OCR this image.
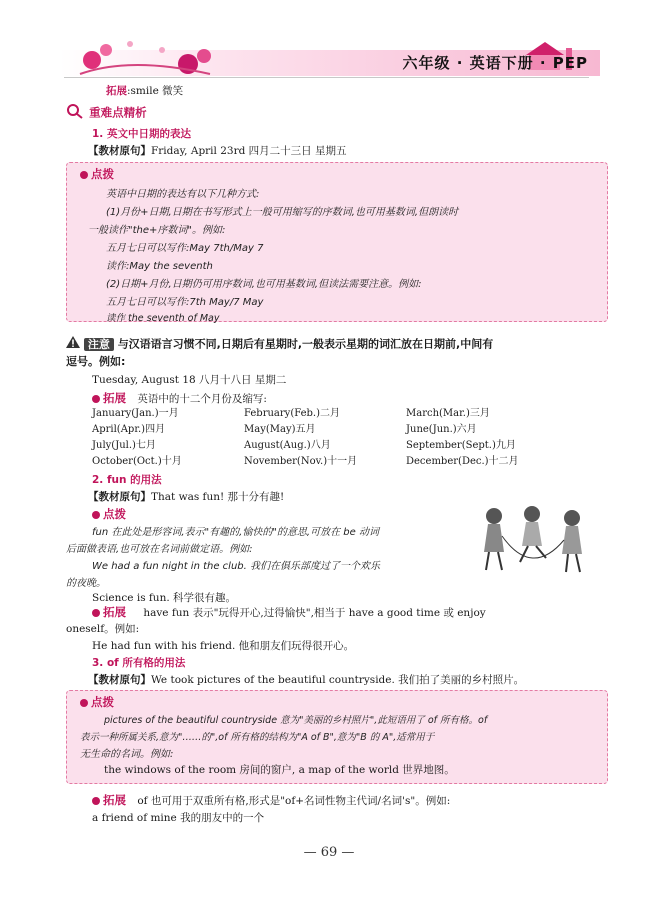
六年级 · 英语下册 · PEP
拓展:smile 微笑
重难点精析
1. 英文中日期的表达
【教材原句】Friday, April 23rd 四月二十三日 星期五
点拨
英语中日期的表达有以下几种方式:
(1)月份+日期,日期在书写形式上一般可用缩写的序数词,也可用基数词,但朗读时
一般读作"the+序数词"。例如:
五月七日可以写作:May 7th/May 7
读作:May the seventh
(2)日期+月份,日期仍可用序数词,也可用基数词,但读法需要注意。例如:
五月七日可以写作:7th May/7 May
读作 the seventh of May
注意 与汉语语言习惯不同,日期后有星期时,一般表示星期的词汇放在日期前,中间有
逗号。例如:
Tuesday, August 18 八月十八日 星期二
拓展 英语中的十二个月份及缩写:
January(Jan.)一月	February(Feb.)二月	March(Mar.)三月
April(Apr.)四月	May(May)五月	June(Jun.)六月
July(Jul.)七月	August(Aug.)八月	September(Sept.)九月
October(Oct.)十月	November(Nov.)十一月	December(Dec.)十二月
2. fun 的用法
【教材原句】That was fun! 那十分有趣!
点拨
fun 在此处是形容词,表示"有趣的,愉快的"的意思,可放在 be 动词
后面做表语,也可放在名词前做定语。例如:
We had a fun night in the club. 我们在俱乐部度过了一个欢乐
的夜晚。
Science is fun. 科学很有趣。
拓展 have fun 表示"玩得开心,过得愉快",相当于 have a good time 或 enjoy
oneself。例如:
He had fun with his friend. 他和朋友们玩得很开心。
3. of 所有格的用法
【教材原句】We took pictures of the beautiful countryside. 我们拍了美丽的乡村照片。
点拨
pictures of the beautiful countryside 意为"美丽的乡村照片",此短语用了 of 所有格。of
表示一种所属关系,意为"……的",of 所有格的结构为"A of B",意为"B 的 A",适常用于
无生命的名词。例如:
the windows of the room 房间的窗户, a map of the world 世界地图。
拓展 of 也可用于双重所有格,形式是"of+名词性物主代词/名词's"。例如:
a friend of mine 我的朋友中的一个
— 69 —
